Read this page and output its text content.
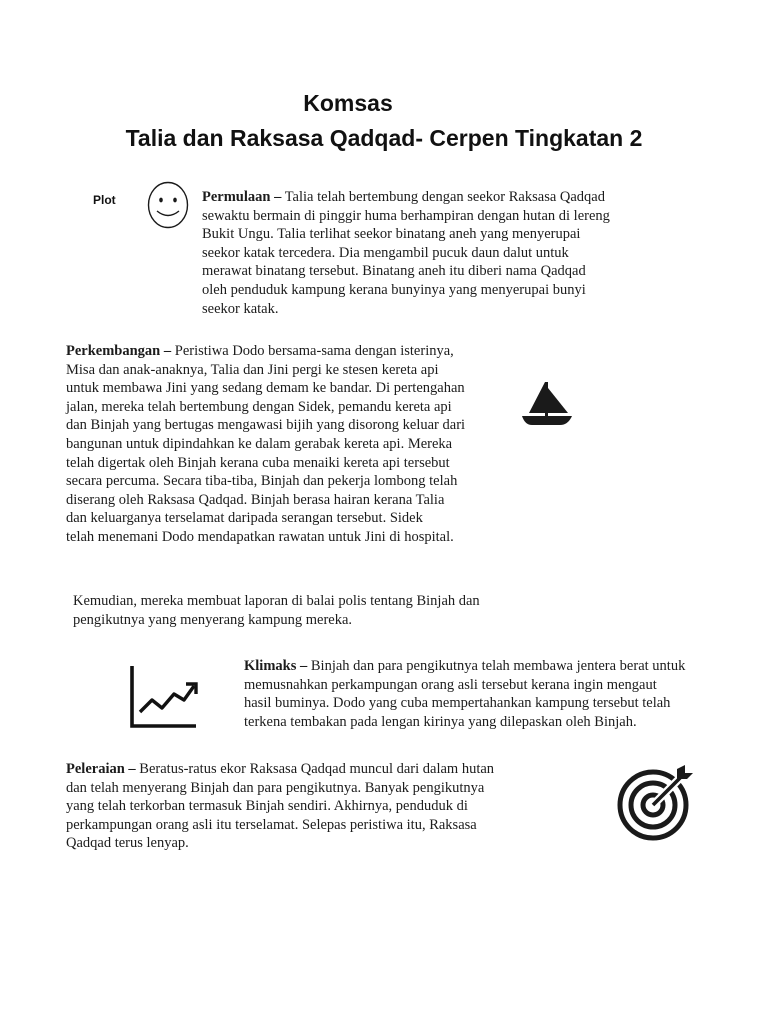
Komsas
Talia dan Raksasa Qadqad- Cerpen Tingkatan 2
Plot	Permulaan – Talia telah bertembung dengan seekor Raksasa Qadqad
sewaktu bermain di pinggir huma berhampiran dengan hutan di lereng
Bukit Ungu. Talia terlihat seekor binatang aneh yang menyerupai
seekor katak tercedera. Dia mengambil pucuk daun dalut untuk
merawat binatang tersebut. Binatang aneh itu diberi nama Qadqad
oleh penduduk kampung kerana bunyinya yang menyerupai bunyi
seekor katak.
Perkembangan – Peristiwa Dodo bersama-sama dengan isterinya,
Misa dan anak-anaknya, Talia dan Jini pergi ke stesen kereta api
untuk membawa Jini yang sedang demam ke bandar. Di pertengahan
jalan, mereka telah bertembung dengan Sidek, pemandu kereta api
dan Binjah yang bertugas mengawasi bijih yang disorong keluar dari
bangunan untuk dipindahkan ke dalam gerabak kereta api. Mereka
telah digertak oleh Binjah kerana cuba menaiki kereta api tersebut
secara percuma. Secara tiba-tiba, Binjah dan pekerja lombong telah
diserang oleh Raksasa Qadqad. Binjah berasa hairan kerana Talia
dan keluarganya terselamat daripada serangan tersebut. Sidek
telah menemani Dodo mendapatkan rawatan untuk Jini di hospital.
Kemudian, mereka membuat laporan di balai polis tentang Binjah dan
pengikutnya yang menyerang kampung mereka.
Klimaks – Binjah dan para pengikutnya telah membawa jentera berat untuk
memusnahkan perkampungan orang asli tersebut kerana ingin mengaut
hasil buminya. Dodo yang cuba mempertahankan kampung tersebut telah
terkena tembakan pada lengan kirinya yang dilepaskan oleh Binjah.
Peleraian – Beratus-ratus ekor Raksasa Qadqad muncul dari dalam hutan
dan telah menyerang Binjah dan para pengikutnya. Banyak pengikutnya
yang telah terkorban termasuk Binjah sendiri. Akhirnya, penduduk di
perkampungan orang asli itu terselamat. Selepas peristiwa itu, Raksasa
Qadqad terus lenyap.
